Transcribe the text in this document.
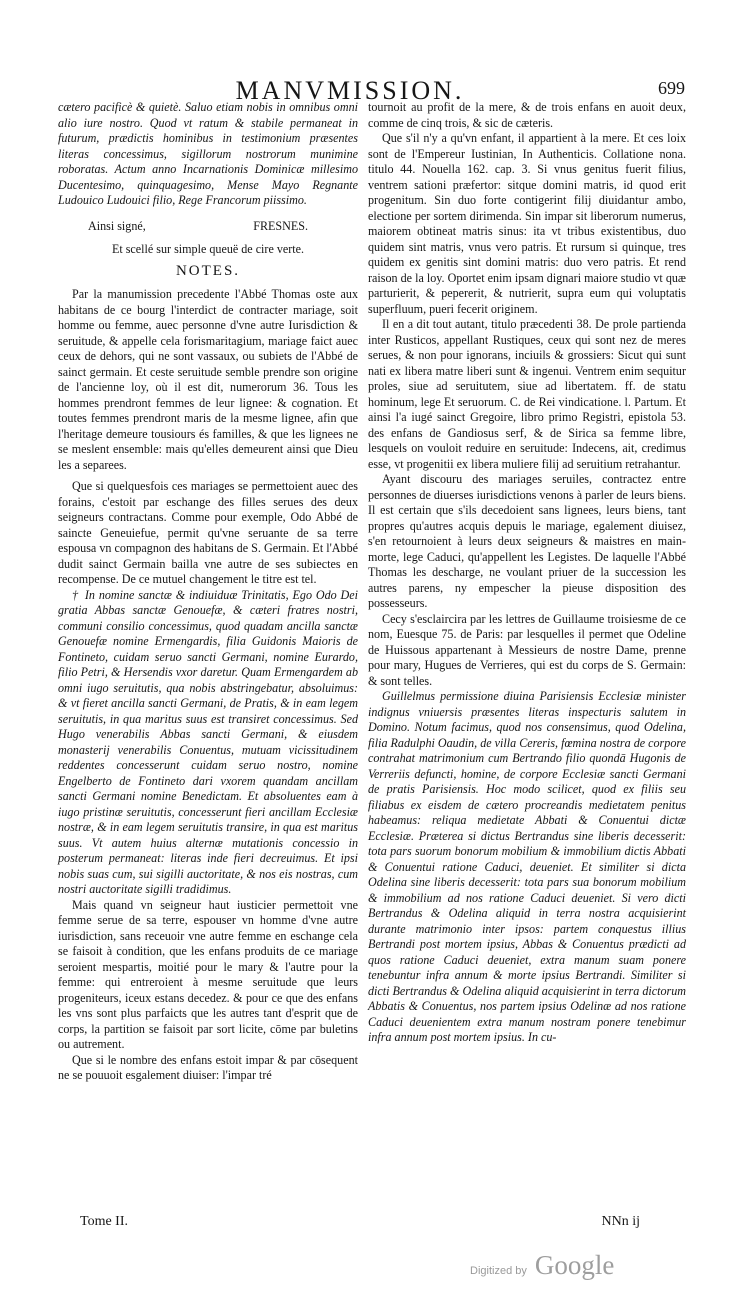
MANVMISSION.	699

cætero pacificè & quietè. Saluo etiam nobis in omnibus omni alio iure nostro. Quod vt ratum & stabile permaneat in futurum, prædictis hominibus in testimonium præsentes literas concessimus, sigillorum nostrorum munimine roboratas. Actum anno Incarnationis Dominicæ millesimo Ducentesimo, quinquagesimo, Mense Mayo Regnante Ludouico Ludouici filio, Rege Francorum piissimo.

Ainsi signé,	FRESNES.

Et scellé sur simple queuë de cire verte.

NOTES.

Par la manumission precedente l'Abbé Thomas oste aux habitans de ce bourg l'interdict de contracter mariage, soit homme ou femme, auec personne d'vne autre Iurisdiction & seruitude, & appelle cela forismaritagium, mariage faict auec ceux de dehors, qui ne sont vassaux, ou subiets de l'Abbé de sainct germain. Et ceste seruitude semble prendre son origine de l'ancienne loy, où il est dit, numerorum 36. Tous les hommes prendront femmes de leur lignee: & cognation. Et toutes femmes prendront maris de la mesme lignee, afin que l'heritage demeure tousiours és familles, & que les lignees ne se meslent ensemble: mais qu'elles demeurent ainsi que Dieu les a separees.

Que si quelquesfois ces mariages se permettoient auec des forains, c'estoit par eschange des filles serues des deux seigneurs contractans. Comme pour exemple, Odo Abbé de saincte Geneuiefue, permit qu'vne seruante de sa terre espousa vn compagnon des habitans de S. Germain. Et l'Abbé dudit sainct Germain bailla vne autre de ses subiectes en recompense. De ce mutuel changement le titre est tel.

† In nomine sanctæ & indiuiduæ Trinitatis, Ego Odo Dei gratia Abbas sanctæ Genouefæ, & cæteri fratres nostri, communi consilio concessimus, quod quadam ancilla sanctæ Genouefæ nomine Ermengardis, filia Guidonis Maioris de Fontineto, cuidam seruo sancti Germani, nomine Eurardo, filio Petri, & Hersendis vxor daretur. Quam Ermengardem ab omni iugo seruitutis, qua nobis abstringebatur, absoluimus: & vt fieret ancilla sancti Germani, de Pratis, & in eam legem seruitutis, in qua maritus suus est transiret concessimus. Sed Hugo venerabilis Abbas sancti Germani, & eiusdem monasterij venerabilis Conuentus, mutuam vicissitudinem reddentes concesserunt cuidam seruo nostro, nomine Engelberto de Fontineto dari vxorem quandam ancillam sancti Germani nomine Benedictam. Et absoluentes eam à iugo pristinæ seruitutis, concesserunt fieri ancillam Ecclesiæ nostræ, & in eam legem seruitutis transire, in qua est maritus suus. Vt autem huius alternæ mutationis concessio in posterum permaneat: literas inde fieri decreuimus. Et ipsi nobis suas cum, sui sigilli auctoritate, & nos eis nostras, cum nostri auctoritate sigilli tradidimus.

Mais quand vn seigneur haut iusticier permettoit vne femme serue de sa terre, espouser vn homme d'vne autre iurisdiction, sans receuoir vne autre femme en eschange cela se faisoit à condition, que les enfans produits de ce mariage seroient mespartis, moitié pour le mary & l'autre pour la femme: qui entreroient à mesme seruitude que leurs progeniteurs, iceux estans decedez. & pour ce que des enfans les vns sont plus parfaicts que les autres tant d'esprit que de corps, la partition se faisoit par sort licite, cōme par buletins ou autrement.

Que si le nombre des enfans estoit impar & par cōsequent ne se pouuoit esgalement diuiser: l'impar tré

tournoit au profit de la mere, & de trois enfans en auoit deux, comme de cinq trois, & sic de cæteris.

Que s'il n'y a qu'vn enfant, il appartient à la mere. Et ces loix sont de l'Empereur Iustinian, In Authenticis. Collatione nona. titulo 44. Nouella 162. cap. 3. Si vnus genitus fuerit filius, ventrem sationi præfertor: sitque domini matris, id quod erit progenitum. Sin duo forte contigerint filij diuidantur ambo, electione per sortem dirimenda. Sin impar sit liberorum numerus, maiorem obtineat matris sinus: ita vt tribus existentibus, duo quidem sint matris, vnus vero patris. Et rursum si quinque, tres quidem ex genitis sint domini matris: duo vero patris. Et rend raison de la loy. Oportet enim ipsam dignari maiore studio vt quæ parturierit, & pepererit, & nutrierit, supra eum qui voluptatis superfluum, pueri fecerit originem.

Il en a dit tout autant, titulo præcedenti 38. De prole partienda inter Rusticos, appellant Rustiques, ceux qui sont nez de meres serues, & non pour ignorans, inciuils & grossiers: Sicut qui sunt nati ex libera matre liberi sunt & ingenui. Ventrem enim sequitur proles, siue ad seruitutem, siue ad libertatem. ff. de statu hominum, lege Et seruorum. C. de Rei vindicatione. l. Partum. Et ainsi l'a iugé sainct Gregoire, libro primo Registri, epistola 53. des enfans de Gandiosus serf, & de Sirica sa femme libre, lesquels on vouloit reduire en seruitude: Indecens, ait, credimus esse, vt progenitii ex libera muliere filij ad seruitium retrahantur.

Ayant discouru des mariages seruiles, contractez entre personnes de diuerses iurisdictions venons à parler de leurs biens. Il est certain que s'ils decedoient sans lignees, leurs biens, tant propres qu'autres acquis depuis le mariage, egalement diuisez, s'en retournoient à leurs deux seigneurs & maistres en main-morte, lege Caduci, qu'appellent les Legistes. De laquelle l'Abbé Thomas les descharge, ne voulant priuer de la succession les autres parens, ny empescher la pieuse disposition des possesseurs.

Cecy s'esclaircira par les lettres de Guillaume troisiesme de ce nom, Euesque 75. de Paris: par lesquelles il permet que Odeline de Huissous appartenant à Messieurs de nostre Dame, prenne pour mary, Hugues de Verrieres, qui est du corps de S. Germain: & sont telles.

Guillelmus permissione diuina Parisiensis Ecclesiæ minister indignus vniuersis præsentes literas inspecturis salutem in Domino. Notum facimus, quod nos consensimus, quod Odelina, filia Radulphi Oaudin, de villa Cereris, fœmina nostra de corpore contrahat matrimonium cum Bertrando filio quondā Hugonis de Verreriis defuncti, homine, de corpore Ecclesiæ sancti Germani de pratis Parisiensis. Hoc modo scilicet, quod ex filiis seu filiabus ex eisdem de cætero procreandis medietatem penitus habeamus: reliqua medietate Abbati & Conuentui dictæ Ecclesiæ. Præterea si dictus Bertrandus sine liberis decesserit: tota pars suorum bonorum mobilium & immobilium dictis Abbati & Conuentui ratione Caduci, deueniet. Et similiter si dicta Odelina sine liberis decesserit: tota pars sua bonorum mobilium & immobilium ad nos ratione Caduci deueniet. Si vero dicti Bertrandus & Odelina aliquid in terra nostra acquisierint durante matrimonio inter ipsos: partem conquestus illius Bertrandi post mortem ipsius, Abbas & Conuentus prædicti ad quos ratione Caduci deueniet, extra manum suam ponere tenebuntur infra annum & morte ipsius Bertrandi. Similiter si dicti Bertrandus & Odelina aliquid acquisierint in terra dictorum Abbatis & Conuentus, nos partem ipsius Odelinæ ad nos ratione Caduci deuenientem extra manum nostram ponere tenebimur infra annum post mortem ipsius. In cu-

Tome II.	NNn ij
Digitized by Google
